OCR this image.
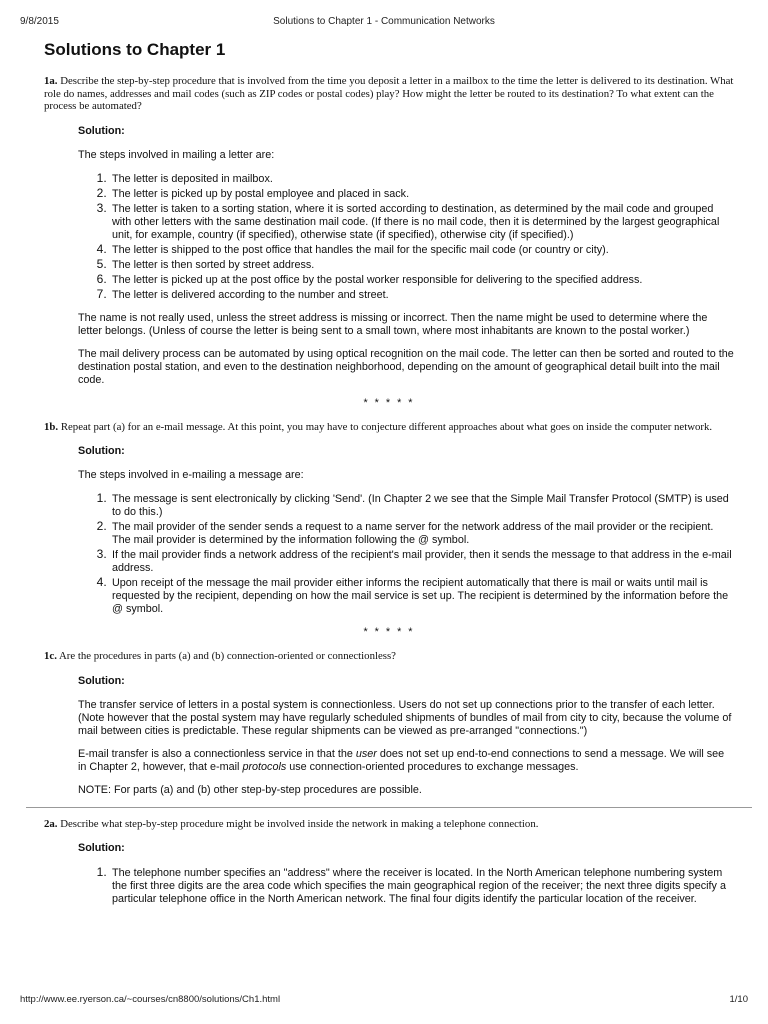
9/8/2015	Solutions to Chapter 1 - Communication Networks
Solutions to Chapter 1
1a. Describe the step-by-step procedure that is involved from the time you deposit a letter in a mailbox to the time the letter is delivered to its destination. What role do names, addresses and mail codes (such as ZIP codes or postal codes) play? How might the letter be routed to its destination? To what extent can the process be automated?
Solution:
The steps involved in mailing a letter are:
1. The letter is deposited in mailbox.
2. The letter is picked up by postal employee and placed in sack.
3. The letter is taken to a sorting station, where it is sorted according to destination, as determined by the mail code and grouped with other letters with the same destination mail code. (If there is no mail code, then it is determined by the largest geographical unit, for example, country (if specified), otherwise state (if specified), otherwise city (if specified).)
4. The letter is shipped to the post office that handles the mail for the specific mail code (or country or city).
5. The letter is then sorted by street address.
6. The letter is picked up at the post office by the postal worker responsible for delivering to the specified address.
7. The letter is delivered according to the number and street.
The name is not really used, unless the street address is missing or incorrect. Then the name might be used to determine where the letter belongs. (Unless of course the letter is being sent to a small town, where most inhabitants are known to the postal worker.)
The mail delivery process can be automated by using optical recognition on the mail code. The letter can then be sorted and routed to the destination postal station, and even to the destination neighborhood, depending on the amount of geographical detail built into the mail code.
* * * * *
1b. Repeat part (a) for an e-mail message. At this point, you may have to conjecture different approaches about what goes on inside the computer network.
Solution:
The steps involved in e-mailing a message are:
1. The message is sent electronically by clicking 'Send'. (In Chapter 2 we see that the Simple Mail Transfer Protocol (SMTP) is used to do this.)
2. The mail provider of the sender sends a request to a name server for the network address of the mail provider or the recipient. The mail provider is determined by the information following the @ symbol.
3. If the mail provider finds a network address of the recipient's mail provider, then it sends the message to that address in the e-mail address.
4. Upon receipt of the message the mail provider either informs the recipient automatically that there is mail or waits until mail is requested by the recipient, depending on how the mail service is set up. The recipient is determined by the information before the @ symbol.
* * * * *
1c. Are the procedures in parts (a) and (b) connection-oriented or connectionless?
Solution:
The transfer service of letters in a postal system is connectionless. Users do not set up connections prior to the transfer of each letter. (Note however that the postal system may have regularly scheduled shipments of bundles of mail from city to city, because the volume of mail between cities is predictable. These regular shipments can be viewed as pre-arranged "connections.")
E-mail transfer is also a connectionless service in that the user does not set up end-to-end connections to send a message. We will see in Chapter 2, however, that e-mail protocols use connection-oriented procedures to exchange messages.
NOTE: For parts (a) and (b) other step-by-step procedures are possible.
2a. Describe what step-by-step procedure might be involved inside the network in making a telephone connection.
Solution:
1. The telephone number specifies an "address" where the receiver is located. In the North American telephone numbering system the first three digits are the area code which specifies the main geographical region of the receiver; the next three digits specify a particular telephone office in the North American network. The final four digits identify the particular location of the receiver.
http://www.ee.ryerson.ca/~courses/cn8800/solutions/Ch1.html	1/10
